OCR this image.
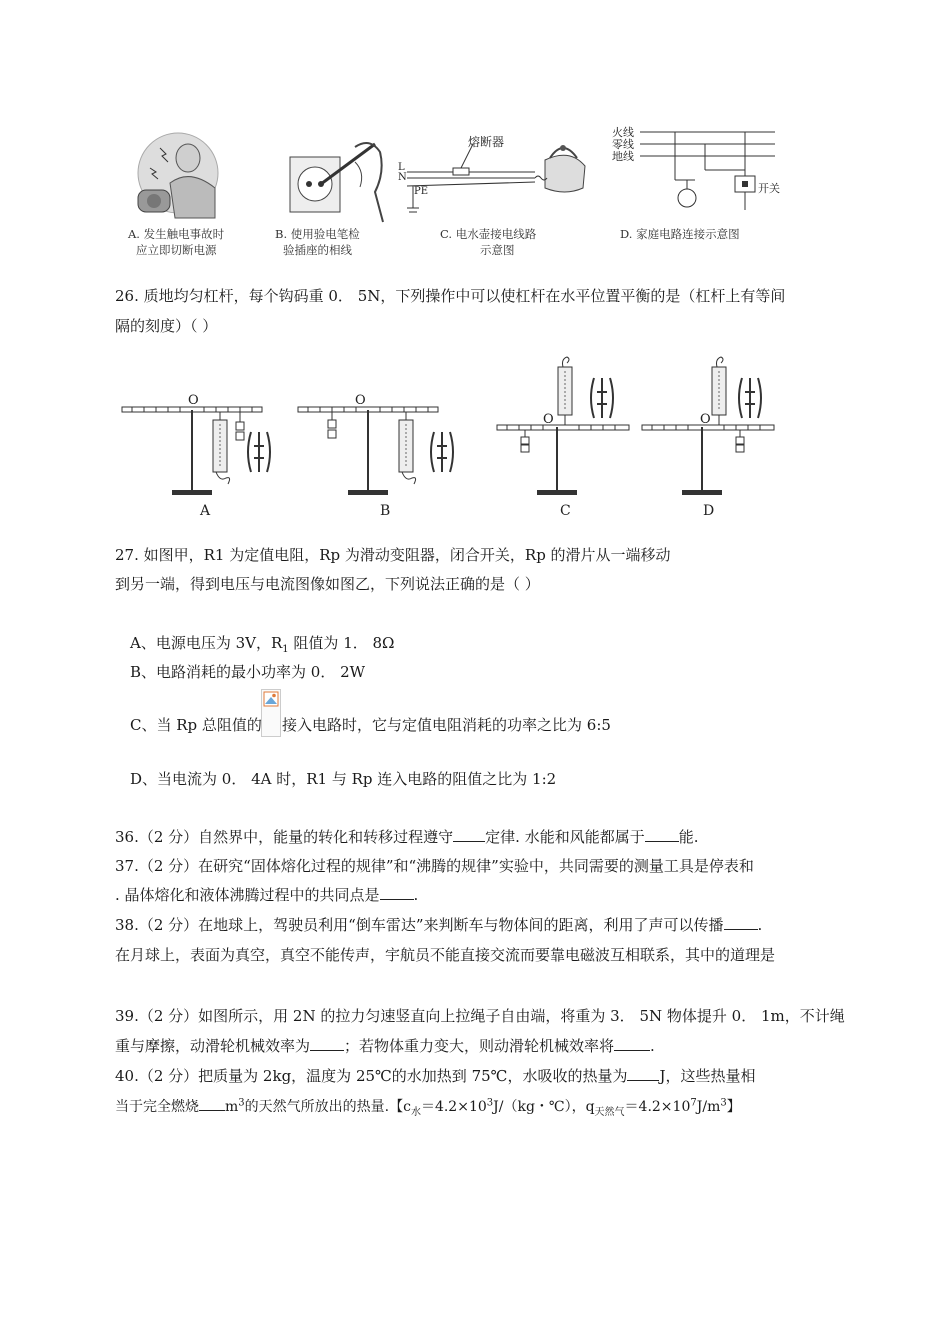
A. 发生触电事故时
应立即切断电源
B. 使用验电笔检
验插座的相线
熔断器
L
N
PE
C. 电水壶接电线路
示意图
火线
零线
地线
开关
D. 家庭电路连接示意图
26. 质地均匀杠杆，每个钩码重 0． 5N，下列操作中可以使杠杆在水平位置平衡的是（杠杆上有等间
隔的刻度）（ ）
O
A
O
B
O
C
O
D
27. 如图甲，R1 为定值电阻，Rp 为滑动变阻器，闭合开关，Rp 的滑片从一端移动
到另一端，得到电压与电流图像如图乙，下列说法正确的是（ ）
A、电源电压为 3V，$R_1$ 阻值为 1． 8Ω
B、电路消耗的最小功率为 0． 2W
C、当 Rp 总阻值的 接入电路时，它与定值电阻消耗的功率之比为 6:5
D、当电流为 0． 4A 时，R1 与 Rp 连入电路的阻值之比为 1:2
36.（2 分）自然界中，能量的转化和转移过程遵守 定律. 水能和风能都属于 能.
37.（2 分）在研究“固体熔化过程的规律”和“沸腾的规律”实验中，共同需要的测量工具是停表和
. 晶体熔化和液体沸腾过程中的共同点是 .
38.（2 分）在地球上，驾驶员利用“倒车雷达”来判断车与物体间的距离，利用了声可以传播 .
在月球上，表面为真空，真空不能传声，宇航员不能直接交流而要靠电磁波互相联系，其中的道理是
39.（2 分）如图所示，用 2N 的拉力匀速竖直向上拉绳子自由端，将重为 3． 5N 物体提升 0． 1m，不计绳
重与摩擦，动滑轮机械效率为 ；若物体重力变大，则动滑轮机械效率将 .
40.（2 分）把质量为 2kg，温度为 25℃的水加热到 75℃，水吸收的热量为 J，这些热量相
当于完全燃烧 $m^3$的天然气所放出的热量.【$c_水=4.2\times 10^3J/(kg$・℃），$q_{天然气}=4.2\times 10^7J/m^3$】
